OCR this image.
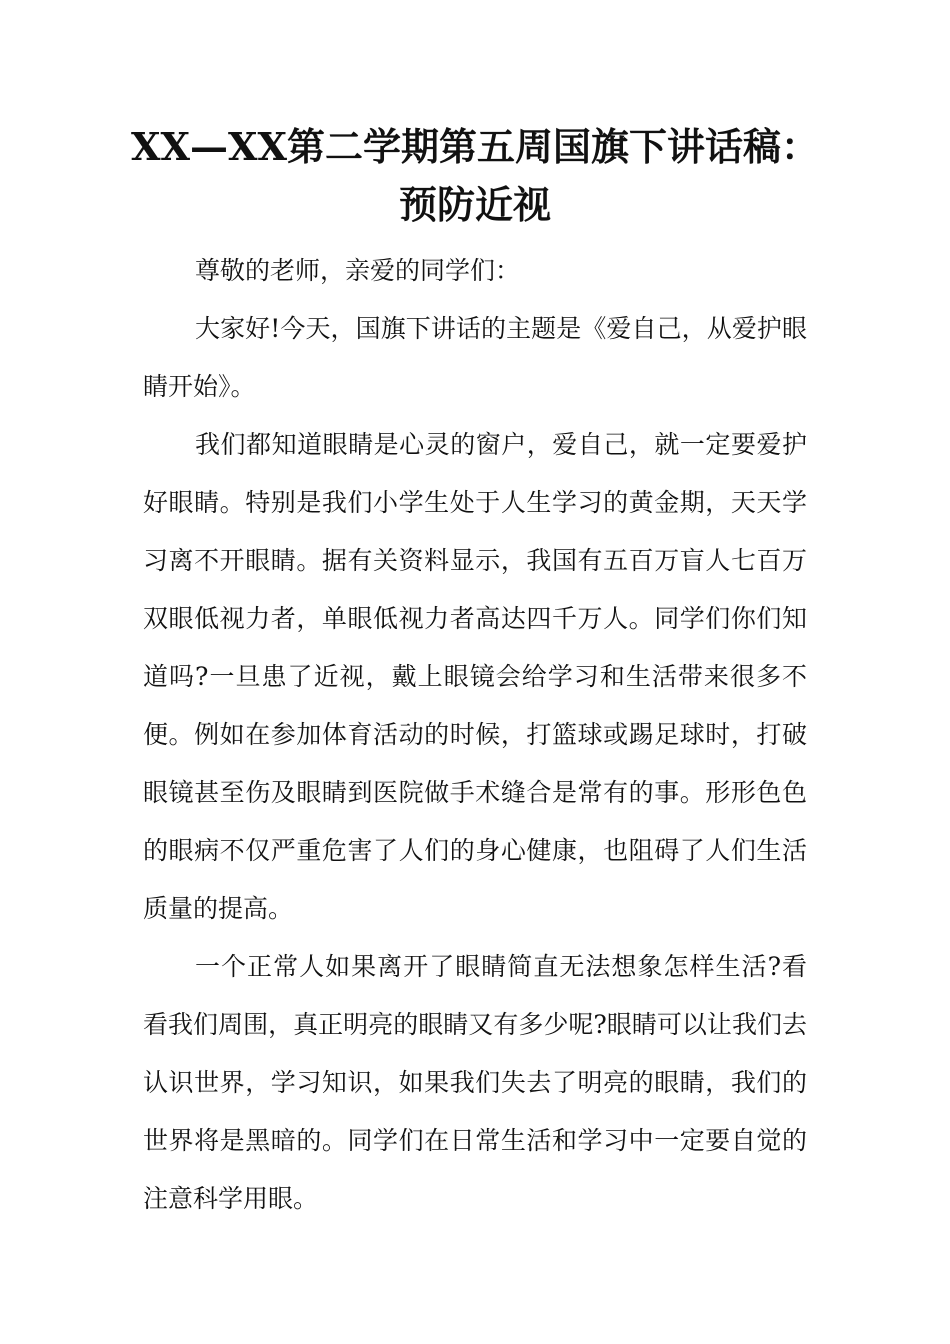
XX—XX第二学期第五周国旗下讲话稿：
预防近视

尊敬的老师，亲爱的同学们：

大家好!今天，国旗下讲话的主题是《爱自己，从爱护眼睛开始》。

我们都知道眼睛是心灵的窗户，爱自己，就一定要爱护好眼睛。特别是我们小学生处于人生学习的黄金期，天天学习离不开眼睛。据有关资料显示，我国有五百万盲人七百万双眼低视力者，单眼低视力者高达四千万人。同学们你们知道吗?一旦患了近视，戴上眼镜会给学习和生活带来很多不便。例如在参加体育活动的时候，打篮球或踢足球时，打破眼镜甚至伤及眼睛到医院做手术缝合是常有的事。形形色色的眼病不仅严重危害了人们的身心健康，也阻碍了人们生活质量的提高。

一个正常人如果离开了眼睛简直无法想象怎样生活?看看我们周围，真正明亮的眼睛又有多少呢?眼睛可以让我们去认识世界，学习知识，如果我们失去了明亮的眼睛，我们的世界将是黑暗的。同学们在日常生活和学习中一定要自觉的注意科学用眼。
